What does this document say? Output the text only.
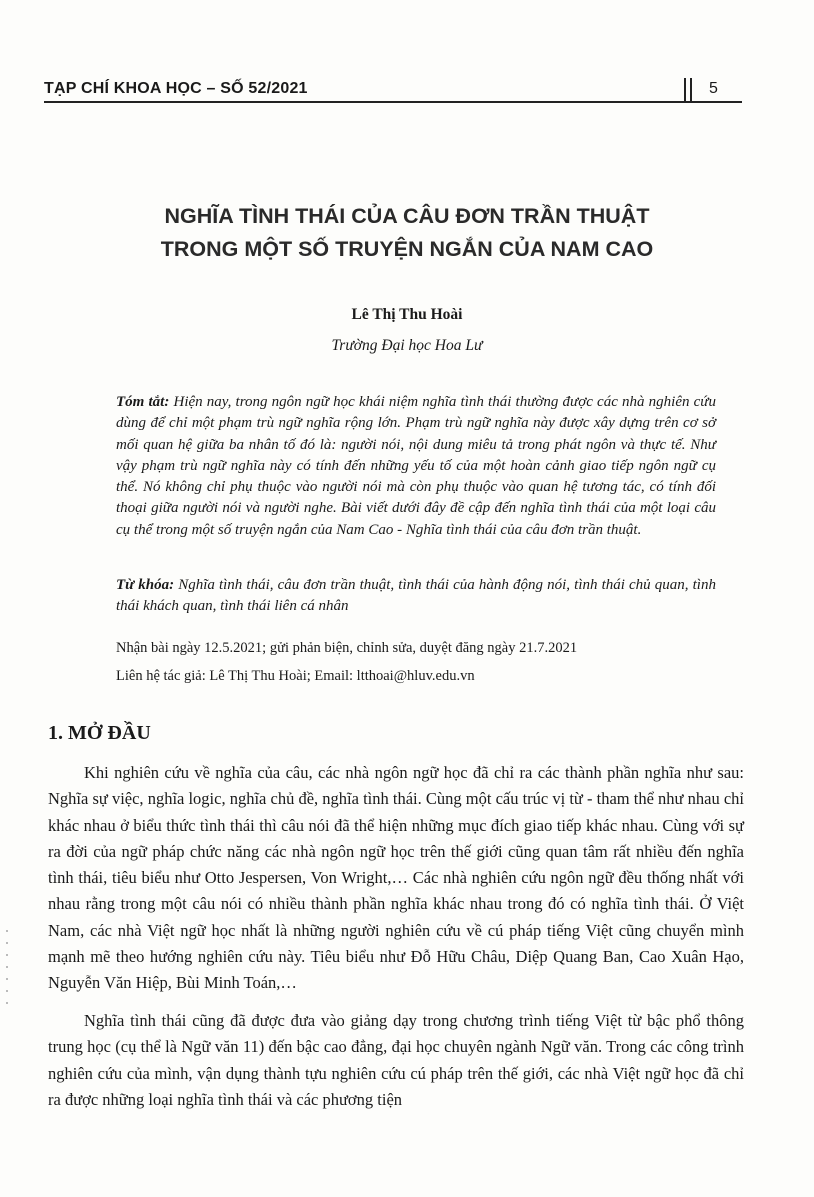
TẠP CHÍ KHOA HỌC – SỐ 52/2021	5
NGHĨA TÌNH THÁI CỦA CÂU ĐƠN TRẦN THUẬT
TRONG MỘT SỐ TRUYỆN NGẮN CỦA NAM CAO
Lê Thị Thu Hoài
Trường Đại học Hoa Lư
Tóm tắt: Hiện nay, trong ngôn ngữ học khái niệm nghĩa tình thái thường được các nhà nghiên cứu dùng để chỉ một phạm trù ngữ nghĩa rộng lớn. Phạm trù ngữ nghĩa này được xây dựng trên cơ sở mối quan hệ giữa ba nhân tố đó là: người nói, nội dung miêu tả trong phát ngôn và thực tế. Như vậy phạm trù ngữ nghĩa này có tính đến những yếu tố của một hoàn cảnh giao tiếp ngôn ngữ cụ thể. Nó không chỉ phụ thuộc vào người nói mà còn phụ thuộc vào quan hệ tương tác, có tính đối thoại giữa người nói và người nghe. Bài viết dưới đây đề cập đến nghĩa tình thái của một loại câu cụ thể trong một số truyện ngắn của Nam Cao - Nghĩa tình thái của câu đơn trần thuật.
Từ khóa: Nghĩa tình thái, câu đơn trần thuật, tình thái của hành động nói, tình thái chủ quan, tình thái khách quan, tình thái liên cá nhân
Nhận bài ngày 12.5.2021; gửi phản biện, chỉnh sửa, duyệt đăng ngày 21.7.2021
Liên hệ tác giả: Lê Thị Thu Hoài; Email: ltthoai@hluv.edu.vn
1. MỞ ĐẦU

Khi nghiên cứu về nghĩa của câu, các nhà ngôn ngữ học đã chỉ ra các thành phần nghĩa như sau: Nghĩa sự việc, nghĩa logic, nghĩa chủ đề, nghĩa tình thái. Cùng một cấu trúc vị từ - tham thể như nhau chỉ khác nhau ở biểu thức tình thái thì câu nói đã thể hiện những mục đích giao tiếp khác nhau. Cùng với sự ra đời của ngữ pháp chức năng các nhà ngôn ngữ học trên thế giới cũng quan tâm rất nhiều đến nghĩa tình thái, tiêu biểu như Otto Jespersen, Von Wright,… Các nhà nghiên cứu ngôn ngữ đều thống nhất với nhau rằng trong một câu nói có nhiều thành phần nghĩa khác nhau trong đó có nghĩa tình thái. Ở Việt Nam, các nhà Việt ngữ học nhất là những người nghiên cứu về cú pháp tiếng Việt cũng chuyển mình mạnh mẽ theo hướng nghiên cứu này. Tiêu biểu như Đỗ Hữu Châu, Diệp Quang Ban, Cao Xuân Hạo, Nguyễn Văn Hiệp, Bùi Minh Toán,…

Nghĩa tình thái cũng đã được đưa vào giảng dạy trong chương trình tiếng Việt từ bậc phổ thông trung học (cụ thể là Ngữ văn 11) đến bậc cao đẳng, đại học chuyên ngành Ngữ văn. Trong các công trình nghiên cứu của mình, vận dụng thành tựu nghiên cứu cú pháp trên thế giới, các nhà Việt ngữ học đã chỉ ra được những loại nghĩa tình thái và các phương tiện
